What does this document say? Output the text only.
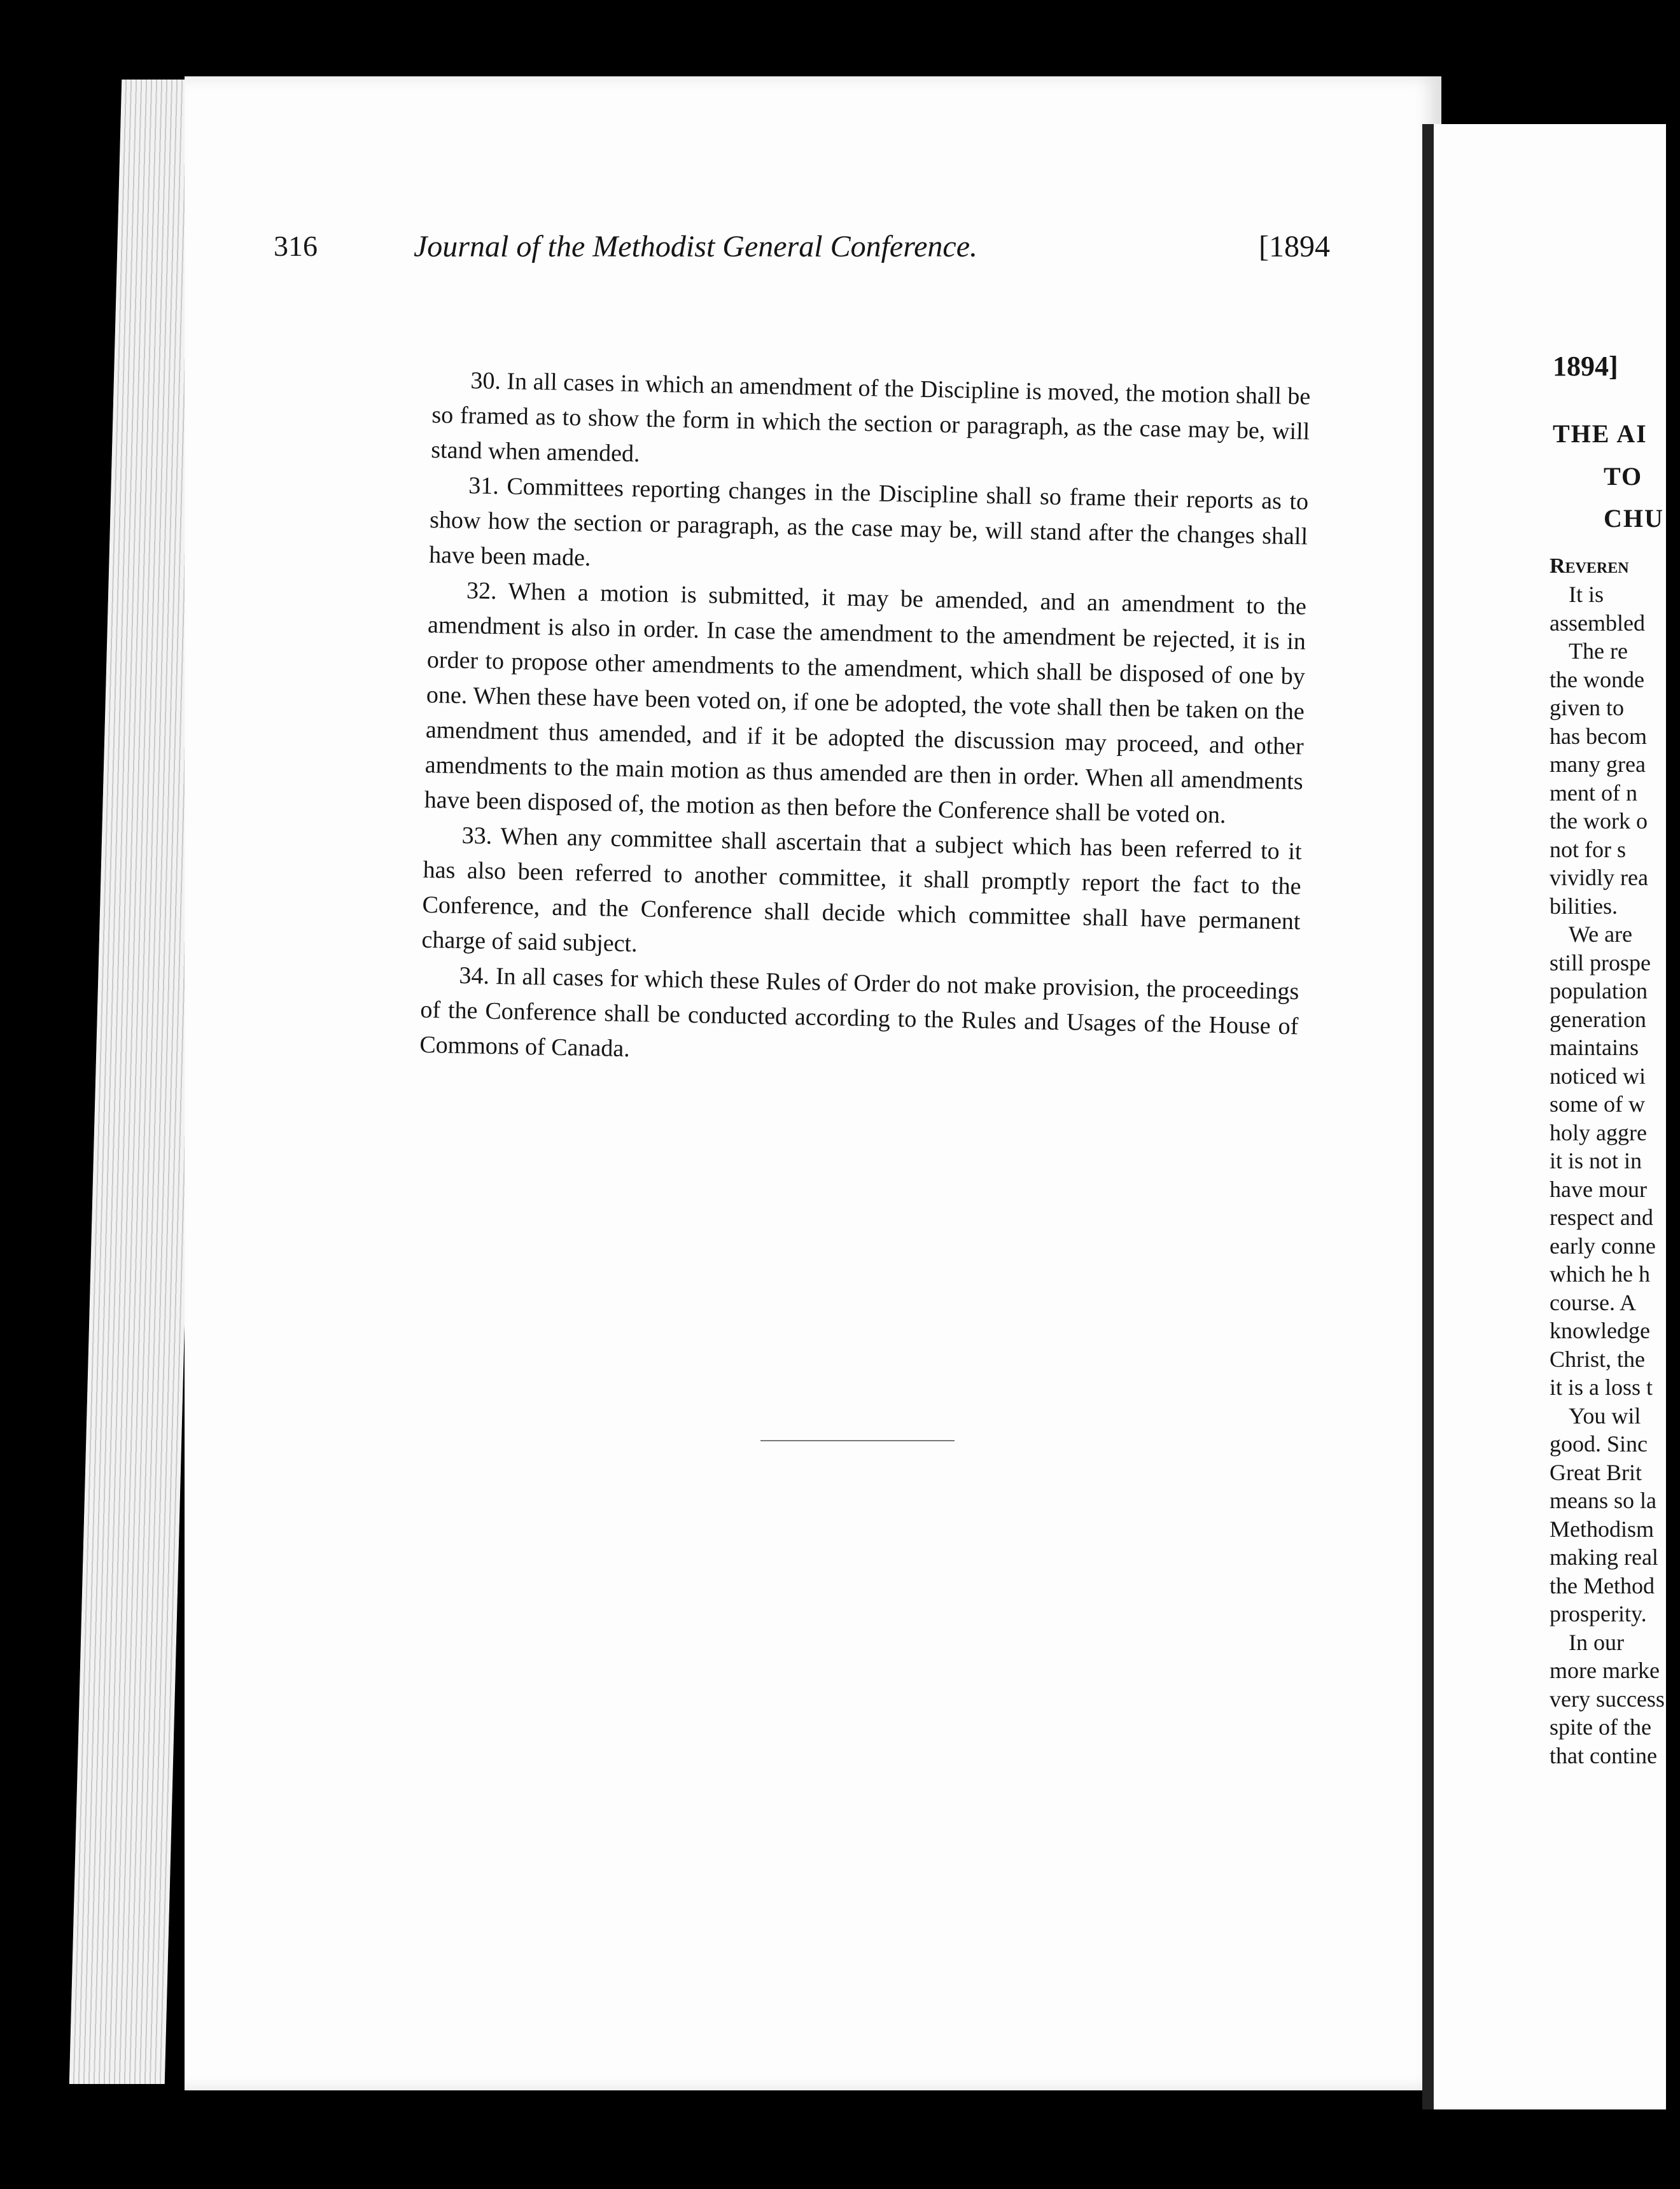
316	Journal of the Methodist General Conference.	[1894

30. In all cases in which an amendment of the Discipline is moved, the motion shall be so framed as to show the form in which the section or paragraph, as the case may be, will stand when amended.

31. Committees reporting changes in the Discipline shall so frame their reports as to show how the section or paragraph, as the case may be, will stand after the changes shall have been made.

32. When a motion is submitted, it may be amended, and an amendment to the amendment is also in order. In case the amendment to the amendment be rejected, it is in order to propose other amendments to the amendment, which shall be disposed of one by one. When these have been voted on, if one be adopted, the vote shall then be taken on the amendment thus amended, and if it be adopted the discussion may proceed, and other amendments to the main motion as thus amended are then in order. When all amendments have been disposed of, the motion as then before the Conference shall be voted on.

33. When any committee shall ascertain that a subject which has been referred to it has also been referred to another committee, it shall promptly report the fact to the Conference, and the Conference shall decide which committee shall have permanent charge of said subject.

34. In all cases for which these Rules of Order do not make provision, the proceedings of the Conference shall be conducted according to the Rules and Usages of the House of Commons of Canada.

1894]
THE AI
TO
CHU
Reveren
It is
assembled
The re
the wonde
given to
has becom
many grea
ment of n
the work o
not for s
vividly rea
bilities.
We are
still prospe
population
generation
maintains
noticed wi
some of w
holy aggre
it is not in
have mour
respect and
early conne
which he h
course. A
knowledge
Christ, the
it is a loss t
You wil
good. Sinc
Great Brit
means so la
Methodism
making real
the Method
prosperity.
In our
more marke
very success
spite of the
that contine
